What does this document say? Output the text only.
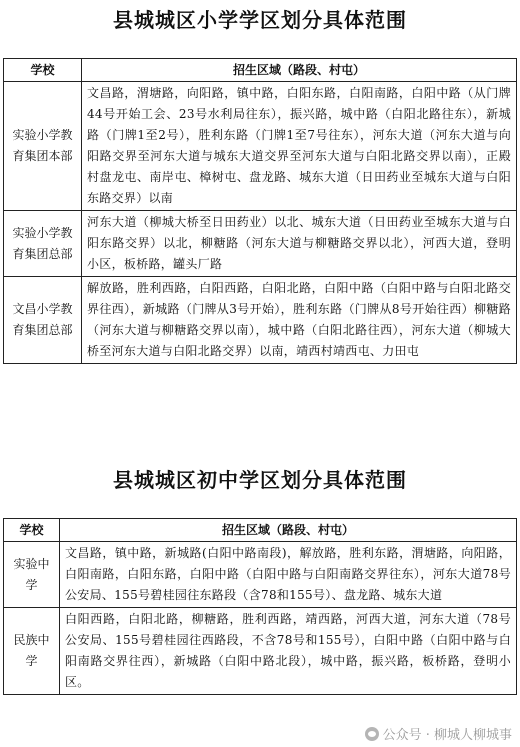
县城城区小学学区划分具体范围
学校	招生区域（路段、村屯）
实验小学教育集团本部	文昌路，渭塘路，向阳路，镇中路，白阳东路，白阳南路，白阳中路（从门牌44号开始工会、23号水利局往东），振兴路，城中路（白阳北路往东），新城路（门牌1至2号），胜利东路（门牌1至7号往东），河东大道（河东大道与向阳路交界至河东大道与城东大道交界至河东大道与白阳北路交界以南），正殿村盘龙屯、南岸屯、樟树屯、盘龙路、城东大道（日田药业至城东大道与白阳东路交界）以南
实验小学教育集团总部	河东大道（柳城大桥至日田药业）以北、城东大道（日田药业至城东大道与白阳东路交界）以北，柳糖路（河东大道与柳糖路交界以北），河西大道，登明小区，板桥路，罐头厂路
文昌小学教育集团总部	解放路，胜利西路，白阳西路，白阳北路，白阳中路（白阳中路与白阳北路交界往西），新城路（门牌从3号开始），胜利东路（门牌从8号开始往西）柳糖路（河东大道与柳糖路交界以南），城中路（白阳北路往西），河东大道（柳城大桥至河东大道与白阳北路交界）以南，靖西村靖西屯、力田屯
县城城区初中学区划分具体范围
学校	招生区域（路段、村屯）
实验中学	文昌路，镇中路，新城路(白阳中路南段)，解放路，胜利东路，渭塘路，向阳路，白阳南路，白阳东路，白阳中路（白阳中路与白阳南路交界往东），河东大道78号公安局、155号碧桂园往东路段（含78和155号）、盘龙路、城东大道
民族中学	白阳西路，白阳北路，柳糖路，胜利西路，靖西路，河西大道，河东大道（78号公安局、155号碧桂园往西路段，不含78号和155号），白阳中路（白阳中路与白阳南路交界往西），新城路（白阳中路北段），城中路，振兴路，板桥路，登明小区。
公众号 · 柳城人柳城事
